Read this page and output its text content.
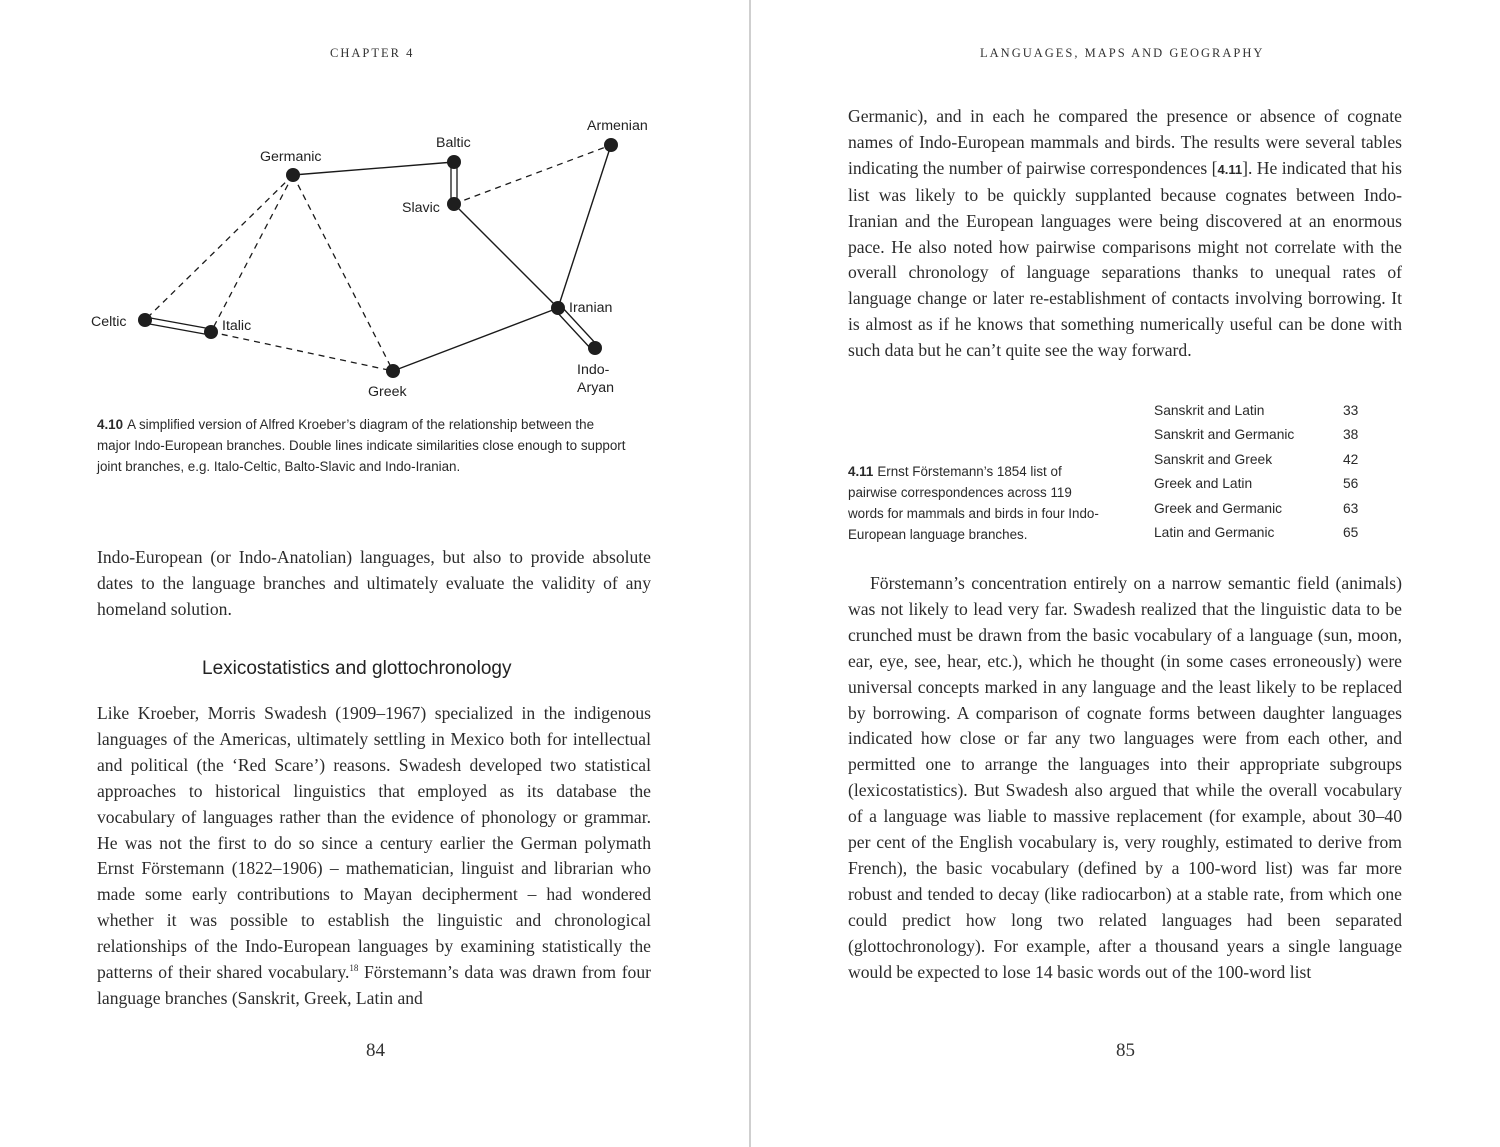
CHAPTER 4
Germanic
Baltic
Armenian
Slavic
Celtic	Italic
Iranian
Greek
Indo-
Aryan
4.10 A simplified version of Alfred Kroeber’s diagram of the relationship between the major Indo-European branches. Double lines indicate similarities close enough to support joint branches, e.g. Italo-Celtic, Balto-Slavic and Indo-Iranian.

Indo-European (or Indo-Anatolian) languages, but also to provide absolute dates to the language branches and ultimately evaluate the validity of any homeland solution.

Lexicostatistics and glottochronology

Like Kroeber, Morris Swadesh (1909–1967) specialized in the indigenous languages of the Americas, ultimately settling in Mexico both for intellectual and political (the ‘Red Scare’) reasons. Swadesh developed two statistical approaches to historical linguistics that employed as its database the vocabulary of languages rather than the evidence of phonology or grammar. He was not the first to do so since a century earlier the German polymath Ernst Förstemann (1822–1906) – mathematician, linguist and librarian who made some early contributions to Mayan decipherment – had wondered whether it was possible to establish the linguistic and chronological relationships of the Indo-European languages by examining statistically the patterns of their shared vocabulary.$^{18}$ Förstemann’s data was drawn from four language branches (Sanskrit, Greek, Latin and

84
LANGUAGES, MAPS AND GEOGRAPHY

Germanic), and in each he compared the presence or absence of cognate names of Indo-European mammals and birds. The results were several tables indicating the number of pairwise correspondences [4.11]. He indicated that his list was likely to be quickly supplanted because cognates between Indo-Iranian and the European languages were being discovered at an enormous pace. He also noted how pairwise comparisons might not correlate with the overall chronology of language separations thanks to unequal rates of language change or later re-establishment of contacts involving borrowing. It is almost as if he knows that something numerically useful can be done with such data but he can’t quite see the way forward.

4.11 Ernst Förstemann’s 1854 list of pairwise correspondences across 119 words for mammals and birds in four Indo-European language branches.

Förstemann’s concentration entirely on a narrow semantic field (animals) was not likely to lead very far. Swadesh realized that the linguistic data to be crunched must be drawn from the basic vocabulary of a language (sun, moon, ear, eye, see, hear, etc.), which he thought (in some cases erroneously) were universal concepts marked in any language and the least likely to be replaced by borrowing. A comparison of cognate forms between daughter languages indicated how close or far any two languages were from each other, and permitted one to arrange the languages into their appropriate subgroups (lexicostatistics). But Swadesh also argued that while the overall vocabulary of a language was liable to massive replacement (for example, about 30–40 per cent of the English vocabulary is, very roughly, estimated to derive from French), the basic vocabulary (defined by a 100-word list) was far more robust and tended to decay (like radiocarbon) at a stable rate, from which one could predict how long two related languages had been separated (glottochronology). For example, after a thousand years a single language would be expected to lose 14 basic words out of the 100-word list

85
Sanskrit and Latin	33
Sanskrit and Germanic	38
Sanskrit and Greek	42
Greek and Latin	56
Greek and Germanic	63
Latin and Germanic	65
